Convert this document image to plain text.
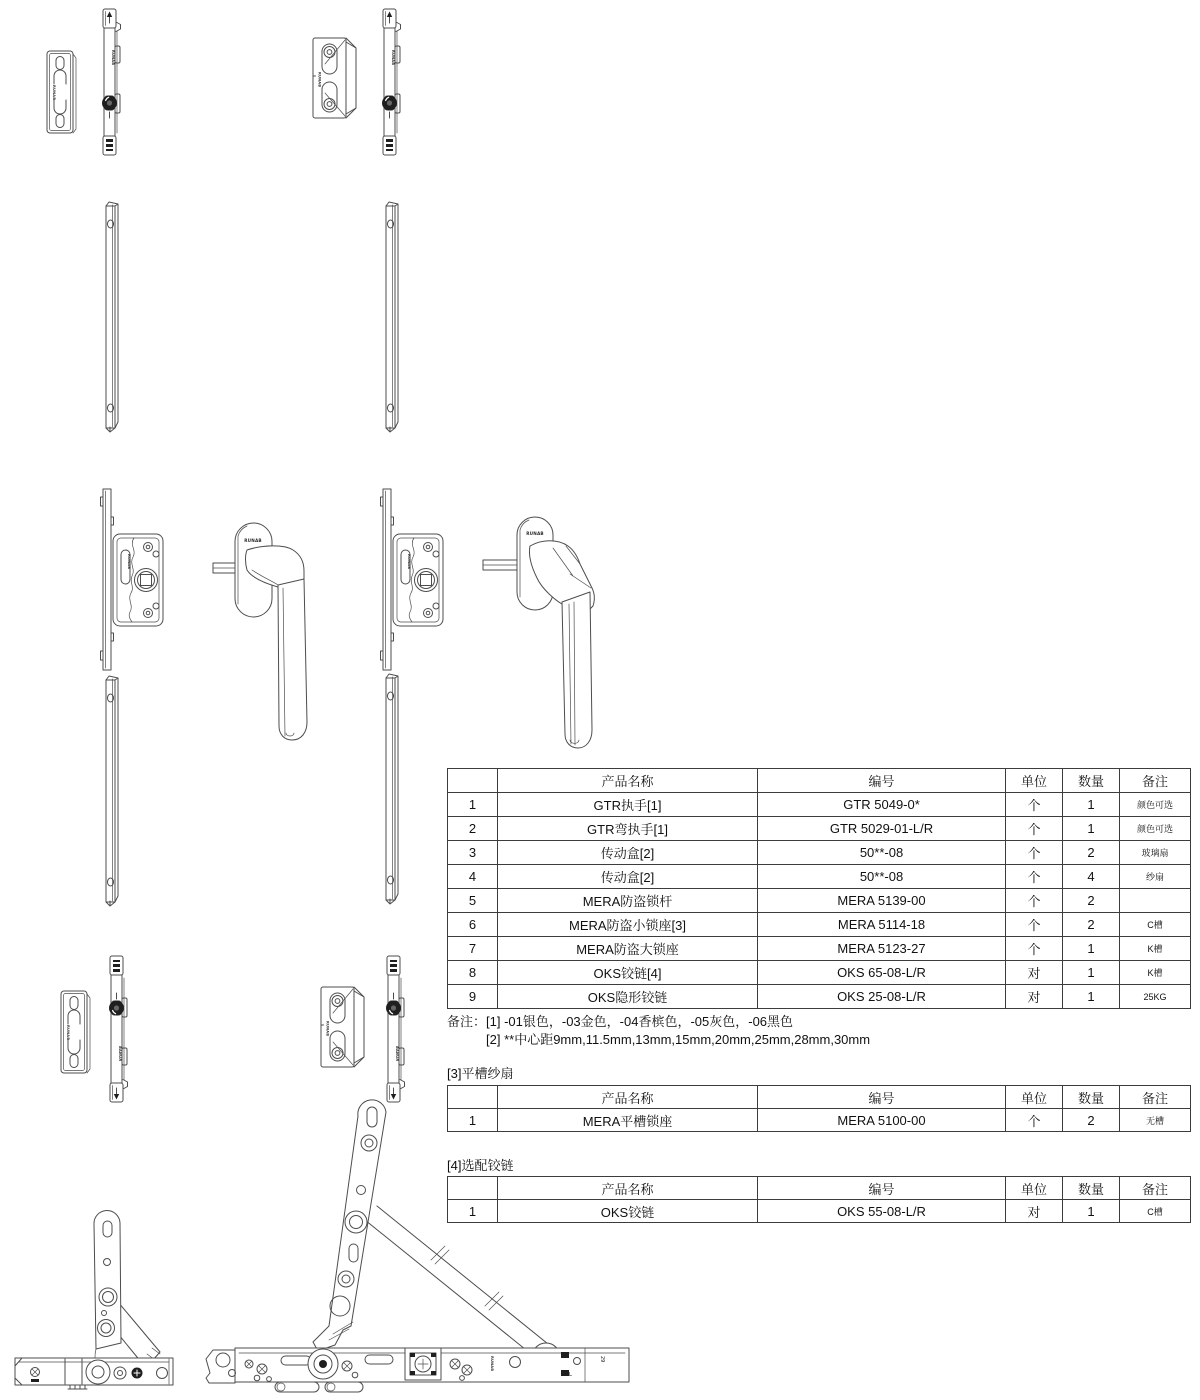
	产品名称	编号	单位	数量	备注
1	GTR执手[1]	GTR 5049-0*	个	1	颜色可选
2	GTR弯执手[1]	GTR 5029-01-L/R	个	1	颜色可选
3	传动盒[2]	50**-08	个	2	玻璃扇
4	传动盒[2]	50**-08	个	4	纱扇
5	MERA防盗锁杆	MERA 5139-00	个	2	
6	MERA防盗小锁座[3]	MERA 5114-18	个	2	C槽
7	MERA防盗大锁座	MERA 5123-27	个	1	K槽
8	OKS铰链[4]	OKS 65-08-L/R	对	1	K槽
9	OKS隐形铰链	OKS 25-08-L/R	对	1	25KG
备注： [1] -01银色，-03金色，-04香槟色，-05灰色，-06黑色
[2] **中心距9mm,11.5mm,13mm,15mm,20mm,25mm,28mm,30mm
[3]平槽纱扇
	产品名称	编号	单位	数量	备注
1	MERA平槽锁座	MERA 5100-00	个	2	无槽
[4]选配铰链
	产品名称	编号	单位	数量	备注
1	OKS铰链	OKS 55-08-L/R	对	1	C槽
